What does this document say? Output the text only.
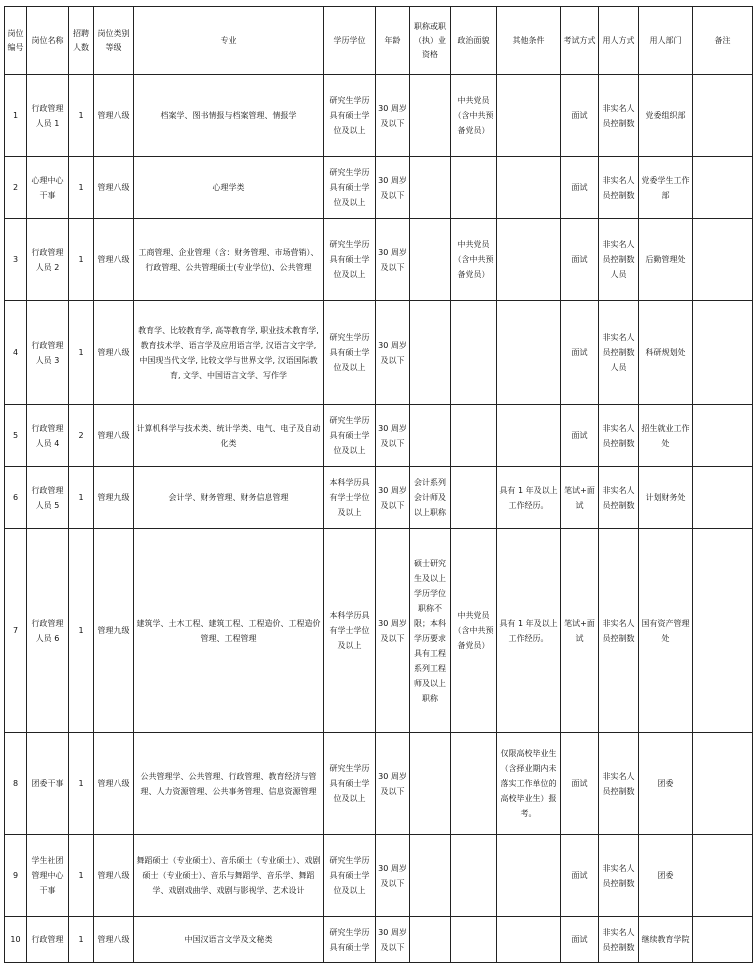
岗位编号	岗位名称	招聘人数	岗位类别等级	专业	学历学位	年龄	职称或职（执）业资格	政治面貌	其他条件	考试方式	用人方式	用人部门	备注
1	行政管理人员 1	1	管理八级	档案学、图书情报与档案管理、情报学	研究生学历具有硕士学位及以上	30 周岁及以下		中共党员（含中共预备党员）		面试	非实名人员控制数	党委组织部	
2	心理中心干事	1	管理八级	心理学类	研究生学历具有硕士学位及以上	30 周岁及以下				面试	非实名人员控制数	党委学生工作部	
3	行政管理人员 2	1	管理八级	工商管理、企业管理（含：财务管理、市场营销）、行政管理、公共管理硕士(专业学位)、公共管理	研究生学历具有硕士学位及以上	30 周岁及以下		中共党员（含中共预备党员）		面试	非实名人员控制数人员	后勤管理处	
4	行政管理人员 3	1	管理八级	教育学、比较教育学, 高等教育学, 职业技术教育学, 教育技术学、语言学及应用语言学, 汉语言文字学, 中国现当代文学, 比较文学与世界文学, 汉语国际教育, 文学、中国语言文学、写作学	研究生学历具有硕士学位及以上	30 周岁及以下				面试	非实名人员控制数人员	科研规划处	
5	行政管理人员 4	2	管理八级	计算机科学与技术类、统计学类、电气、电子及自动化类	研究生学历具有硕士学位及以上	30 周岁及以下				面试	非实名人员控制数	招生就业工作处	
6	行政管理人员 5	1	管理九级	会计学、财务管理、财务信息管理	本科学历具有学士学位及以上	30 周岁及以下	会计系列会计师及以上职称		具有 1 年及以上工作经历。	笔试+面试	非实名人员控制数	计划财务处	
7	行政管理人员 6	1	管理九级	建筑学、土木工程、建筑工程、工程造价、工程造价管理、工程管理	本科学历具有学士学位及以上	30 周岁及以下	硕士研究生及以上学历学位职称不限；本科学历要求具有工程系列工程师及以上职称	中共党员（含中共预备党员）	具有 1 年及以上工作经历。	笔试+面试	非实名人员控制数	国有资产管理处	
8	团委干事	1	管理八级	公共管理学、公共管理、行政管理、教育经济与管理、人力资源管理、公共事务管理、信息资源管理	研究生学历具有硕士学位及以上	30 周岁及以下			仅限高校毕业生（含择业期内未落实工作单位的高校毕业生）报考。	面试	非实名人员控制数	团委	
9	学生社团管理中心干事	1	管理八级	舞蹈硕士（专业硕士）、音乐硕士（专业硕士）、戏剧硕士（专业硕士）、音乐与舞蹈学、音乐学、舞蹈学、戏剧戏曲学、戏剧与影视学、艺术设计	研究生学历具有硕士学位及以上	30 周岁及以下				面试	非实名人员控制数	团委	
10	行政管理	1	管理八级	中国汉语言文学及文秘类	研究生学历具有硕士学	30 周岁及以下				面试	非实名人员控制数	继续教育学院	
